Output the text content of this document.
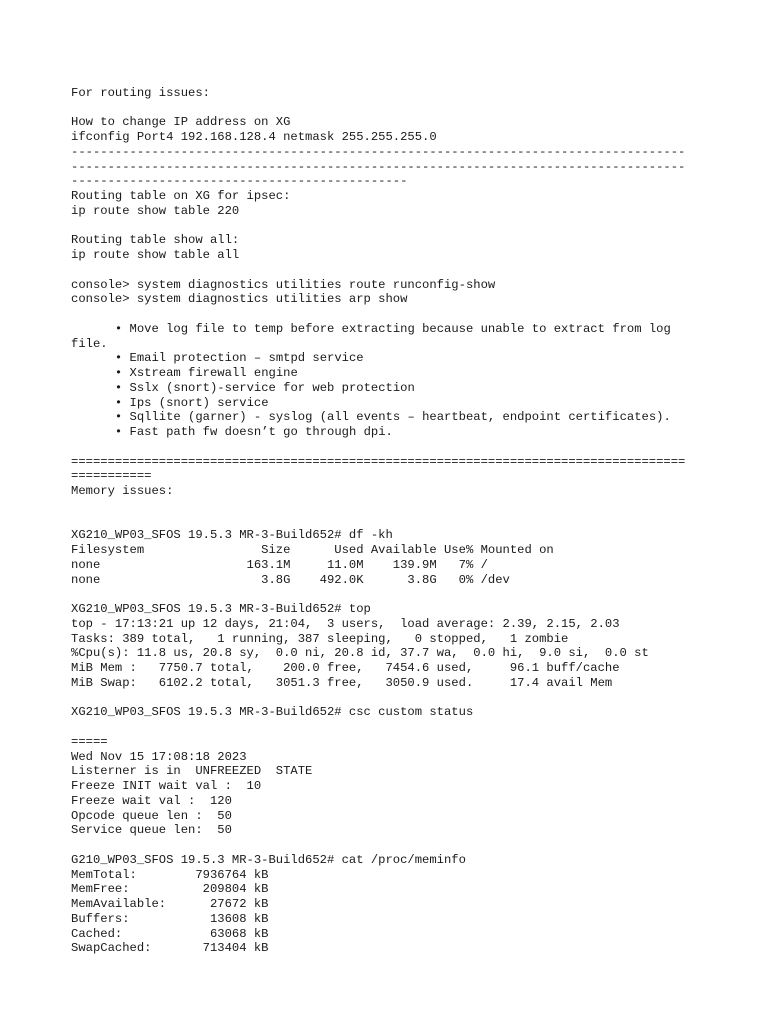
For routing issues:
How to change IP address on XG
ifconfig Port4 192.168.128.4 netmask 255.255.255.0
------------------------------------------------------------------------------------
------------------------------------------------------------------------------------
----------------------------------------------
Routing table on XG for ipsec:
ip route show table 220
Routing table show all:
ip route show table all
console> system diagnostics utilities route runconfig-show
console> system diagnostics utilities arp show
• Move log file to temp before extracting because unable to extract from log
file.
• Email protection – smtpd service
• Xstream firewall engine
• Sslx (snort)-service for web protection
• Ips (snort) service
• Sqllite (garner) - syslog (all events – heartbeat, endpoint certificates).
• Fast path fw doesn’t go through dpi.
====================================================================================
===========
Memory issues:
XG210_WP03_SFOS 19.5.3 MR-3-Build652# df -kh
Filesystem                Size      Used Available Use% Mounted on
none                    163.1M     11.0M    139.9M   7% /
none                      3.8G    492.0K      3.8G   0% /dev
XG210_WP03_SFOS 19.5.3 MR-3-Build652# top
top - 17:13:21 up 12 days, 21:04,  3 users,  load average: 2.39, 2.15, 2.03
Tasks: 389 total,   1 running, 387 sleeping,   0 stopped,   1 zombie
%Cpu(s): 11.8 us, 20.8 sy,  0.0 ni, 20.8 id, 37.7 wa,  0.0 hi,  9.0 si,  0.0 st
MiB Mem :   7750.7 total,    200.0 free,   7454.6 used,     96.1 buff/cache
MiB Swap:   6102.2 total,   3051.3 free,   3050.9 used.     17.4 avail Mem
XG210_WP03_SFOS 19.5.3 MR-3-Build652# csc custom status
=====
Wed Nov 15 17:08:18 2023
Listerner is in  UNFREEZED  STATE
Freeze INIT wait val :  10
Freeze wait val :  120
Opcode queue len :  50
Service queue len:  50
G210_WP03_SFOS 19.5.3 MR-3-Build652# cat /proc/meminfo
MemTotal:        7936764 kB
MemFree:          209804 kB
MemAvailable:      27672 kB
Buffers:           13608 kB
Cached:            63068 kB
SwapCached:       713404 kB
